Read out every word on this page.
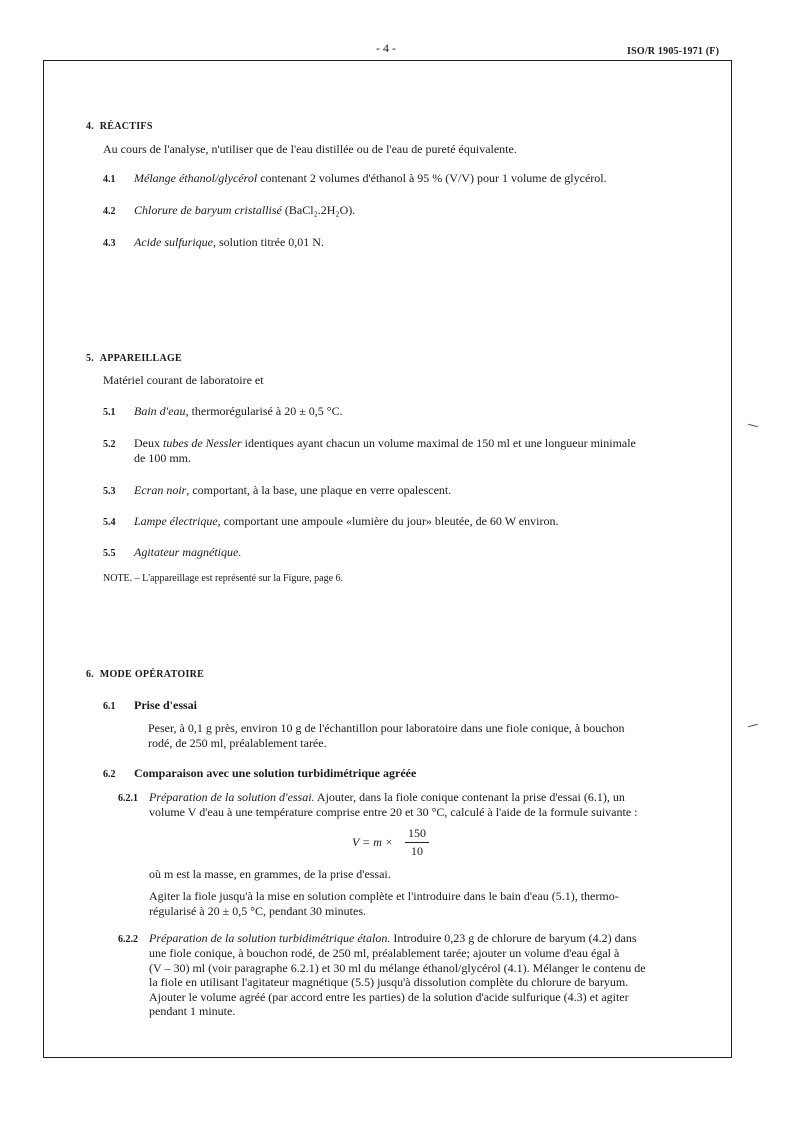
- 4 -	ISO/R 1905-1971 (F)
4. RÉACTIFS
Au cours de l'analyse, n'utiliser que de l'eau distillée ou de l'eau de pureté équivalente.
4.1 Mélange éthanol/glycérol contenant 2 volumes d'éthanol à 95 % (V/V) pour 1 volume de glycérol.
4.2 Chlorure de baryum cristallisé (BaCl₂.2H₂O).
4.3 Acide sulfurique, solution titrée 0,01 N.
5. APPAREILLAGE
Matériel courant de laboratoire et
5.1 Bain d'eau, thermorégularisé à 20 ± 0,5 °C.
5.2 Deux tubes de Nessler identiques ayant chacun un volume maximal de 150 ml et une longueur minimale
de 100 mm.
5.3 Ecran noir, comportant, à la base, une plaque en verre opalescent.
5.4 Lampe électrique, comportant une ampoule «lumière du jour» bleutée, de 60 W environ.
5.5 Agitateur magnétique.
NOTE. – L'appareillage est représenté sur la Figure, page 6.
6. MODE OPÉRATOIRE
6.1 Prise d'essai
Peser, à 0,1 g près, environ 10 g de l'échantillon pour laboratoire dans une fiole conique, à bouchon
rodé, de 250 ml, préalablement tarée.
6.2 Comparaison avec une solution turbidimétrique agréée
6.2.1 Préparation de la solution d'essai. Ajouter, dans la fiole conique contenant la prise d'essai (6.1), un
volume V d'eau à une température comprise entre 20 et 30 °C, calculé à l'aide de la formule suivante :
V = m ×
150
10
où m est la masse, en grammes, de la prise d'essai.
Agiter la fiole jusqu'à la mise en solution complète et l'introduire dans le bain d'eau (5.1), thermo-
régularisé à 20 ± 0,5 °C, pendant 30 minutes.
6.2.2 Préparation de la solution turbidimétrique étalon. Introduire 0,23 g de chlorure de baryum (4.2) dans
une fiole conique, à bouchon rodé, de 250 ml, préalablement tarée; ajouter un volume d'eau égal à
(V – 30) ml (voir paragraphe 6.2.1) et 30 ml du mélange éthanol/glycérol (4.1). Mélanger le contenu de
la fiole en utilisant l'agitateur magnétique (5.5) jusqu'à dissolution complète du chlorure de baryum.
Ajouter le volume agréé (par accord entre les parties) de la solution d'acide sulfurique (4.3) et agiter
pendant 1 minute.
